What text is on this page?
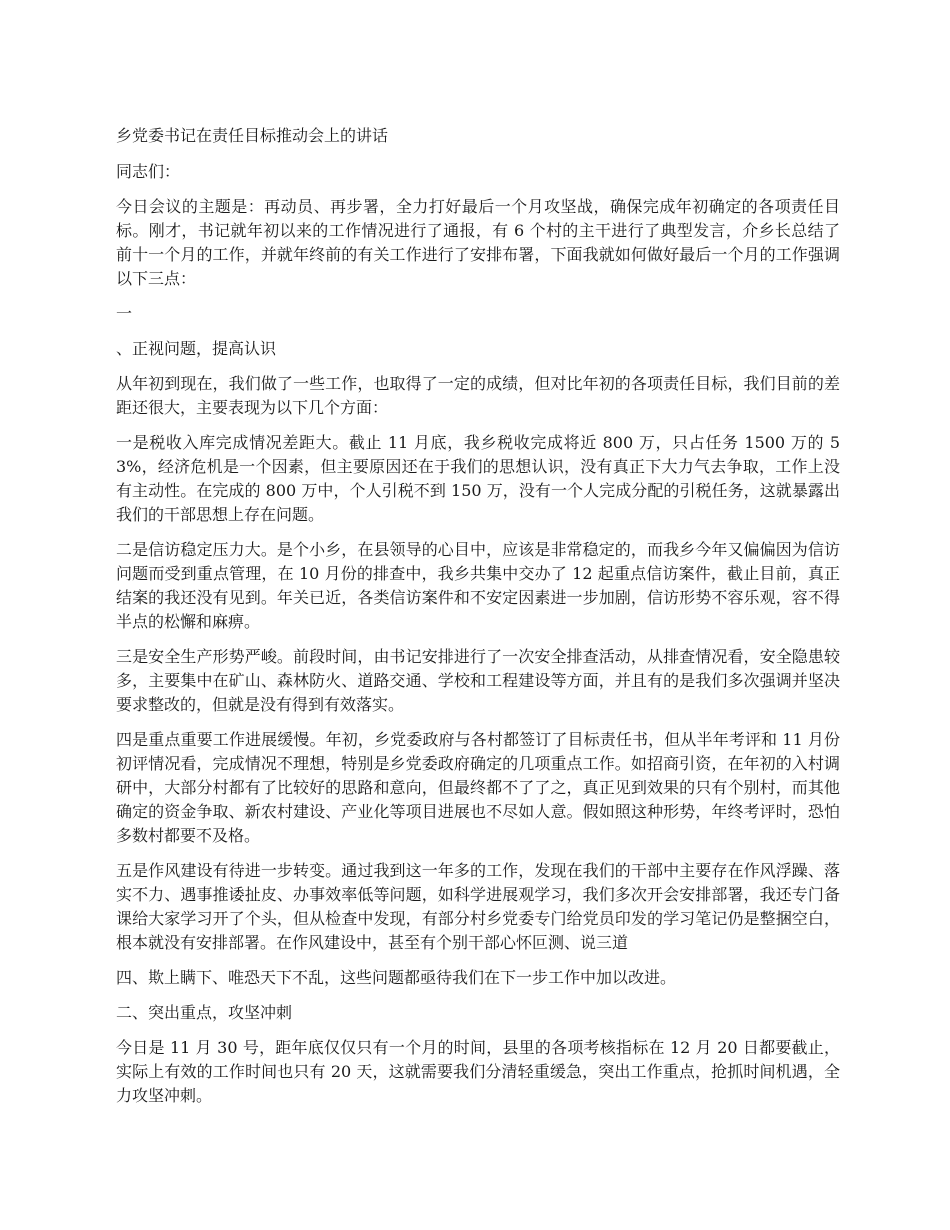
乡党委书记在责任目标推动会上的讲话

同志们：

今日会议的主题是：再动员、再步署，全力打好最后一个月攻坚战，确保完成年初确定的各项责任目标。刚才，书记就年初以来的工作情况进行了通报，有 6 个村的主干进行了典型发言，介乡长总结了前十一个月的工作，并就年终前的有关工作进行了安排布署，下面我就如何做好最后一个月的工作强调以下三点：

一

、正视问题，提高认识

从年初到现在，我们做了一些工作，也取得了一定的成绩，但对比年初的各项责任目标，我们目前的差距还很大，主要表现为以下几个方面：

一是税收入库完成情况差距大。截止 11 月底，我乡税收完成将近 800 万，只占任务 1500 万的 53%，经济危机是一个因素，但主要原因还在于我们的思想认识，没有真正下大力气去争取，工作上没有主动性。在完成的 800 万中，个人引税不到 150 万，没有一个人完成分配的引税任务，这就暴露出我们的干部思想上存在问题。

二是信访稳定压力大。是个小乡，在县领导的心目中，应该是非常稳定的，而我乡今年又偏偏因为信访问题而受到重点管理，在 10 月份的排查中，我乡共集中交办了 12 起重点信访案件，截止目前，真正结案的我还没有见到。年关已近，各类信访案件和不安定因素进一步加剧，信访形势不容乐观，容不得半点的松懈和麻痹。

三是安全生产形势严峻。前段时间，由书记安排进行了一次安全排查活动，从排查情况看，安全隐患较多，主要集中在矿山、森林防火、道路交通、学校和工程建设等方面，并且有的是我们多次强调并坚决要求整改的，但就是没有得到有效落实。

四是重点重要工作进展缓慢。年初，乡党委政府与各村都签订了目标责任书，但从半年考评和 11 月份初评情况看，完成情况不理想，特别是乡党委政府确定的几项重点工作。如招商引资，在年初的入村调研中，大部分村都有了比较好的思路和意向，但最终都不了了之，真正见到效果的只有个别村，而其他确定的资金争取、新农村建设、产业化等项目进展也不尽如人意。假如照这种形势，年终考评时，恐怕多数村都要不及格。

五是作风建设有待进一步转变。通过我到这一年多的工作，发现在我们的干部中主要存在作风浮躁、落实不力、遇事推诿扯皮、办事效率低等问题，如科学进展观学习，我们多次开会安排部署，我还专门备课给大家学习开了个头，但从检查中发现，有部分村乡党委专门给党员印发的学习笔记仍是整捆空白，根本就没有安排部署。在作风建设中，甚至有个别干部心怀叵测、说三道

四、欺上瞒下、唯恐天下不乱，这些问题都亟待我们在下一步工作中加以改进。

二、突出重点，攻坚冲刺

今日是 11 月 30 号，距年底仅仅只有一个月的时间，县里的各项考核指标在 12 月 20 日都要截止，实际上有效的工作时间也只有 20 天，这就需要我们分清轻重缓急，突出工作重点，抢抓时间机遇，全力攻坚冲刺。
